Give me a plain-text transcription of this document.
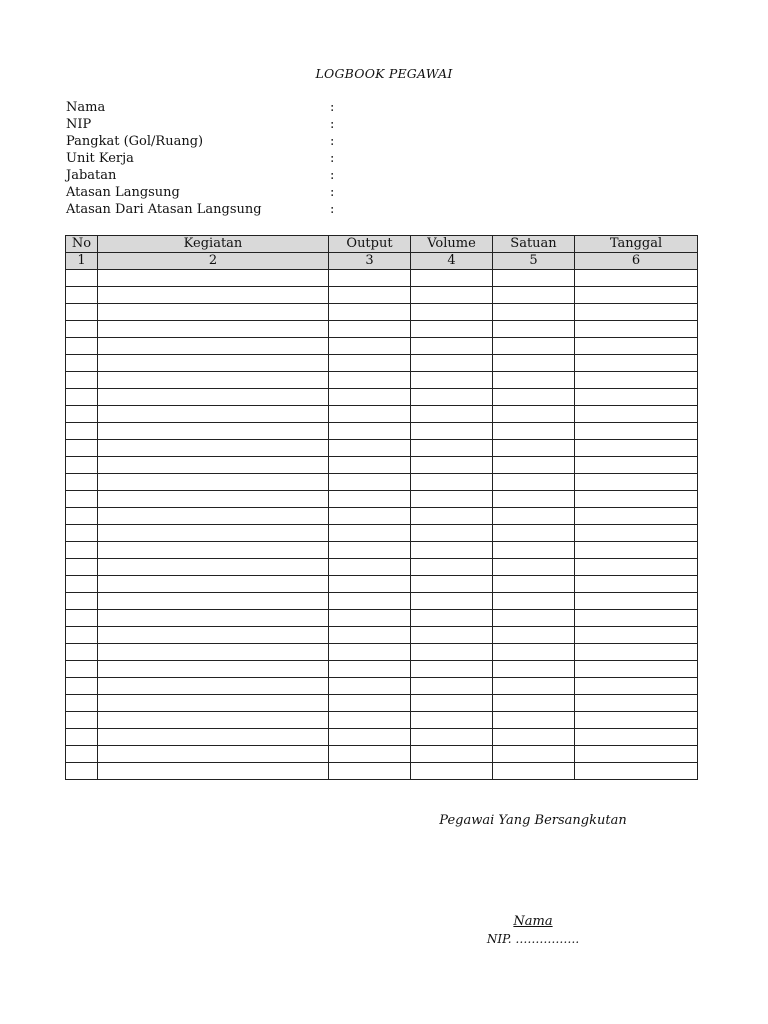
LOGBOOK PEGAWAI
Nama	:
NIP	:
Pangkat (Gol/Ruang)	:
Unit Kerja	:
Jabatan	:
Atasan Langsung	:
Atasan Dari Atasan Langsung	:
No	Kegiatan	Output	Volume	Satuan	Tanggal
1	2	3	4	5	6

Pegawai Yang Bersangkutan
Nama
NIP. …………….
